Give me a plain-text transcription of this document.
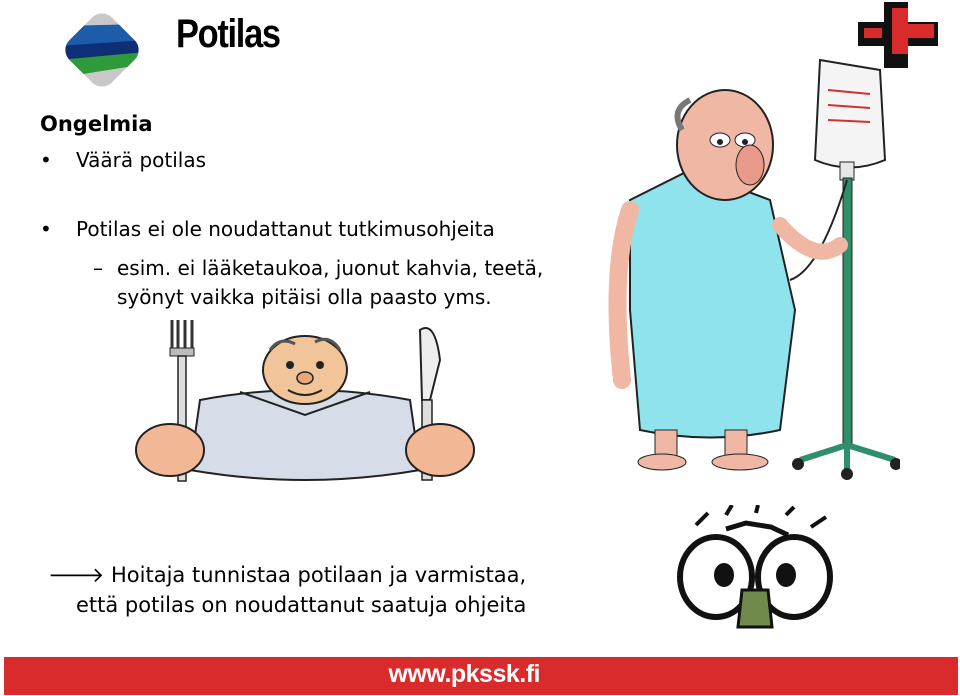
Potilas
Ongelmia
• Väärä potilas
• Potilas ei ole noudattanut tutkimusohjeita
– esim. ei lääketaukoa, juonut kahvia, teetä, syönyt vaikka pitäisi olla paasto yms.
🡒 Hoitaja tunnistaa potilaan ja varmistaa,
että potilas on noudattanut saatuja ohjeita
www.pkssk.fi
